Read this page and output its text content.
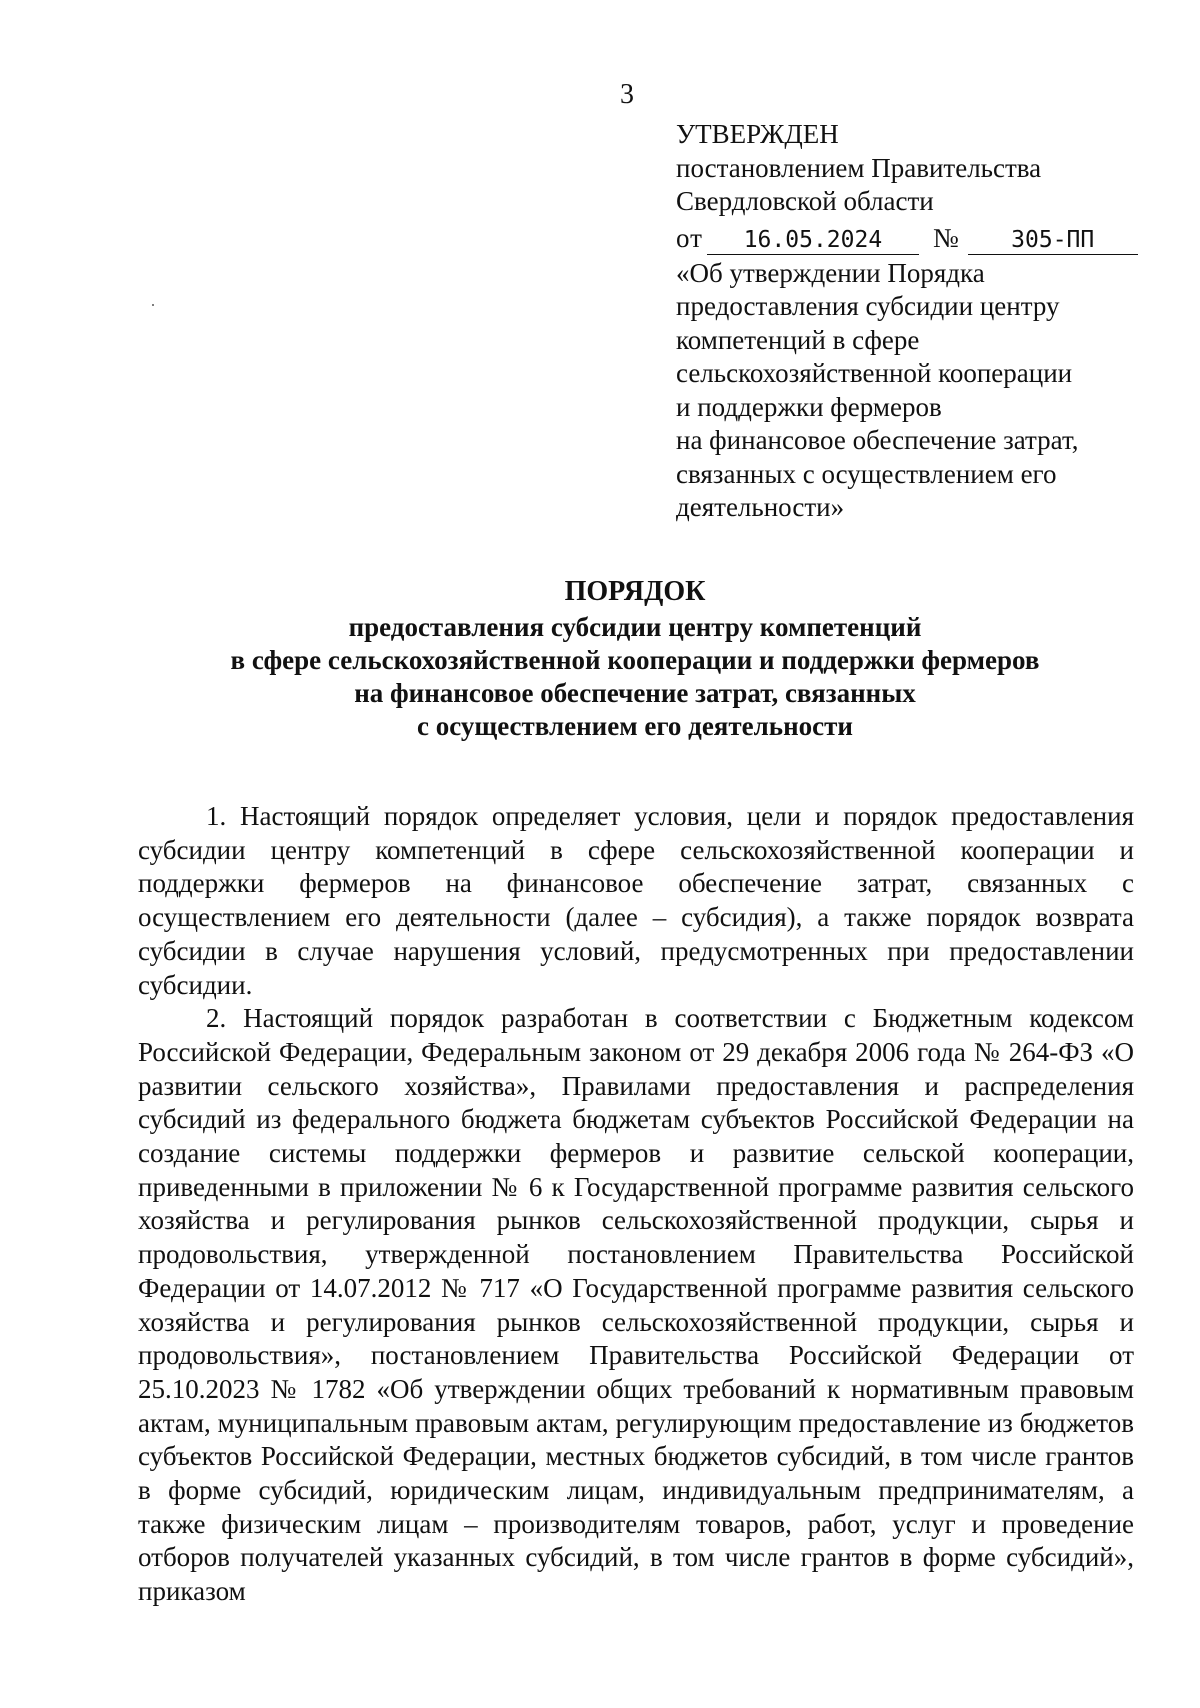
3
УТВЕРЖДЕН
постановлением Правительства
Свердловской области
от 16.05.2024 № 305-ПП
«Об утверждении Порядка
предоставления субсидии центру
компетенций в сфере
сельскохозяйственной кооперации
и поддержки фермеров
на финансовое обеспечение затрат,
связанных с осуществлением его
деятельности»
ПОРЯДОК
предоставления субсидии центру компетенций
в сфере сельскохозяйственной кооперации и поддержки фермеров
на финансовое обеспечение затрат, связанных
с осуществлением его деятельности

1. Настоящий порядок определяет условия, цели и порядок предоставления субсидии центру компетенций в сфере сельскохозяйственной кооперации и поддержки фермеров на финансовое обеспечение затрат, связанных с осуществлением его деятельности (далее – субсидия), а также порядок возврата субсидии в случае нарушения условий, предусмотренных при предоставлении субсидии.

2. Настоящий порядок разработан в соответствии с Бюджетным кодексом Российской Федерации, Федеральным законом от 29 декабря 2006 года № 264-ФЗ «О развитии сельского хозяйства», Правилами предоставления и распределения субсидий из федерального бюджета бюджетам субъектов Российской Федерации на создание системы поддержки фермеров и развитие сельской кооперации, приведенными в приложении № 6 к Государственной программе развития сельского хозяйства и регулирования рынков сельскохозяйственной продукции, сырья и продовольствия, утвержденной постановлением Правительства Российской Федерации от 14.07.2012 № 717 «О Государственной программе развития сельского хозяйства и регулирования рынков сельскохозяйственной продукции, сырья и продовольствия», постановлением Правительства Российской Федерации от 25.10.2023 № 1782 «Об утверждении общих требований к нормативным правовым актам, муниципальным правовым актам, регулирующим предоставление из бюджетов субъектов Российской Федерации, местных бюджетов субсидий, в том числе грантов в форме субсидий, юридическим лицам, индивидуальным предпринимателям, а также физическим лицам – производителям товаров, работ, услуг и проведение отборов получателей указанных субсидий, в том числе грантов в форме субсидий», приказом
